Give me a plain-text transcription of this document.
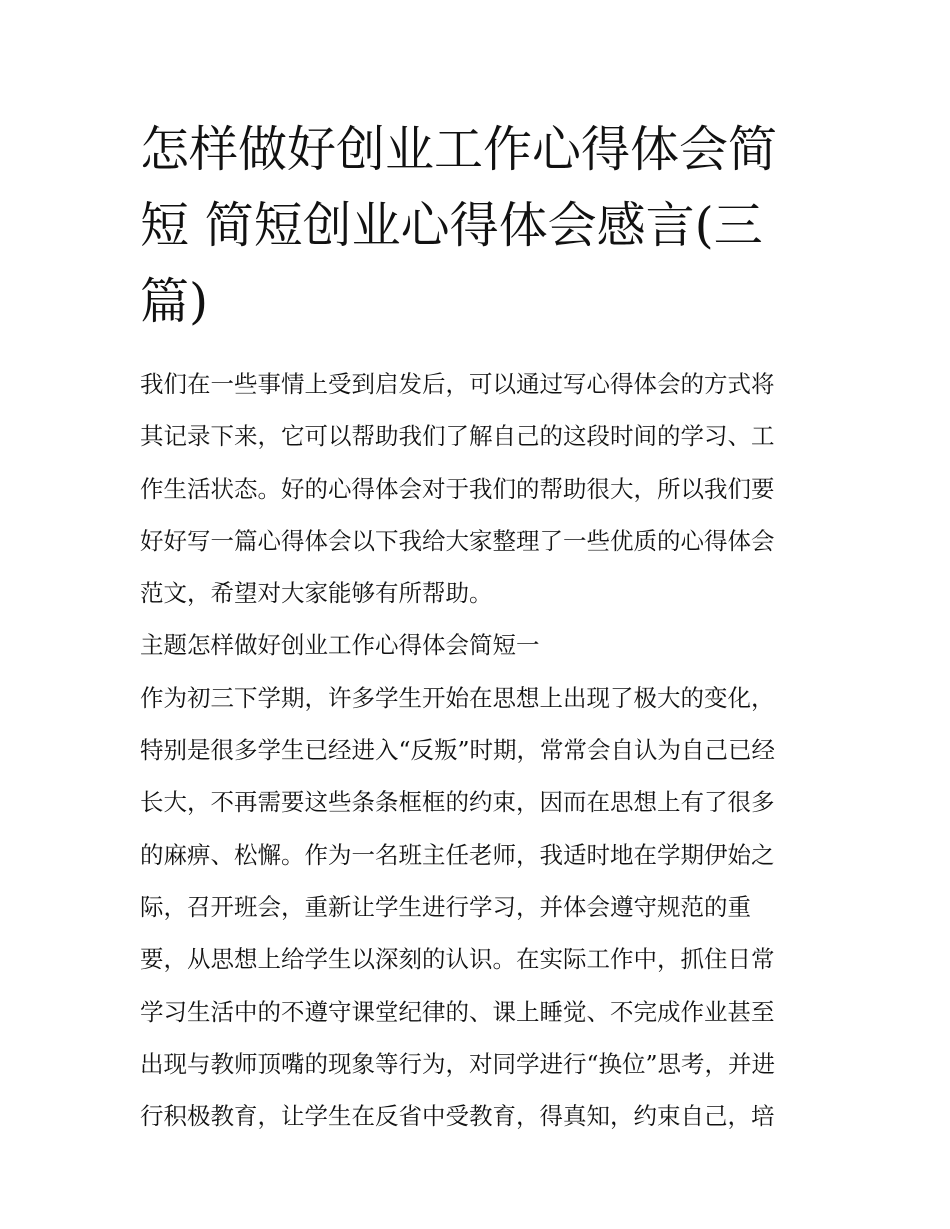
怎样做好创业工作心得体会简
短 简短创业心得体会感言(三
篇)
我们在一些事情上受到启发后，可以通过写心得体会的方式将
其记录下来，它可以帮助我们了解自己的这段时间的学习、工
作生活状态。好的心得体会对于我们的帮助很大，所以我们要
好好写一篇心得体会以下我给大家整理了一些优质的心得体会
范文，希望对大家能够有所帮助。
主题怎样做好创业工作心得体会简短一
作为初三下学期，许多学生开始在思想上出现了极大的变化，
特别是很多学生已经进入“反叛”时期，常常会自认为自己已经
长大，不再需要这些条条框框的约束，因而在思想上有了很多
的麻痹、松懈。作为一名班主任老师，我适时地在学期伊始之
际，召开班会，重新让学生进行学习，并体会遵守规范的重
要，从思想上给学生以深刻的认识。在实际工作中，抓住日常
学习生活中的不遵守课堂纪律的、课上睡觉、不完成作业甚至
出现与教师顶嘴的现象等行为，对同学进行“换位”思考，并进
行积极教育，让学生在反省中受教育，得真知，约束自己，培
